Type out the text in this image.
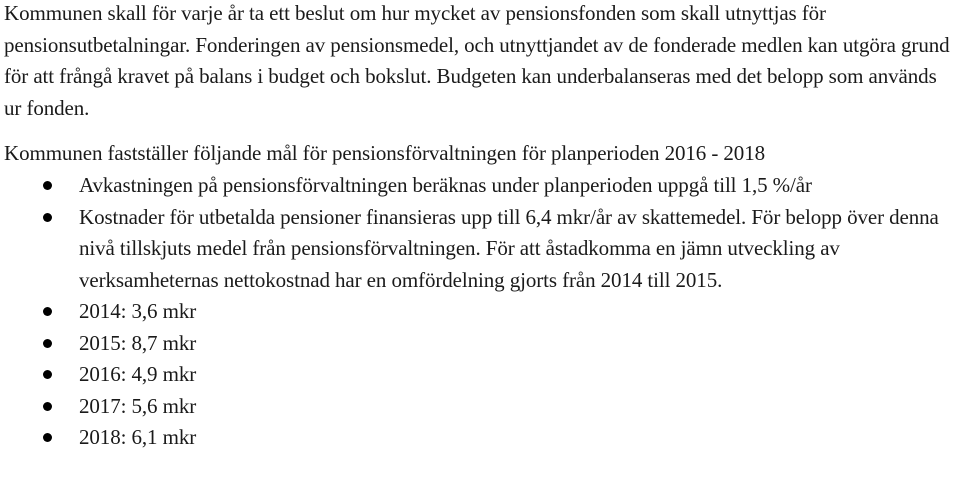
Kommunen skall för varje år ta ett beslut om hur mycket av pensionsfonden som skall utnyttjas för pensionsutbetalningar. Fonderingen av pensionsmedel, och utnyttjandet av de fonderade medlen kan utgöra grund för att frångå kravet på balans i budget och bokslut. Budgeten kan underbalanseras med det belopp som används ur fonden.

Kommunen fastställer följande mål för pensionsförvaltningen för planperioden 2016 - 2018

Avkastningen på pensionsförvaltningen beräknas under planperioden uppgå till 1,5 %/år
Kostnader för utbetalda pensioner finansieras upp till 6,4 mkr/år av skattemedel. För belopp över denna nivå tillskjuts medel från pensionsförvaltningen. För att åstadkomma en jämn utveckling av verksamheternas nettokostnad har en omfördelning gjorts från 2014 till 2015.
2014: 3,6 mkr
2015: 8,7 mkr
2016: 4,9 mkr
2017: 5,6 mkr
2018: 6,1 mkr
